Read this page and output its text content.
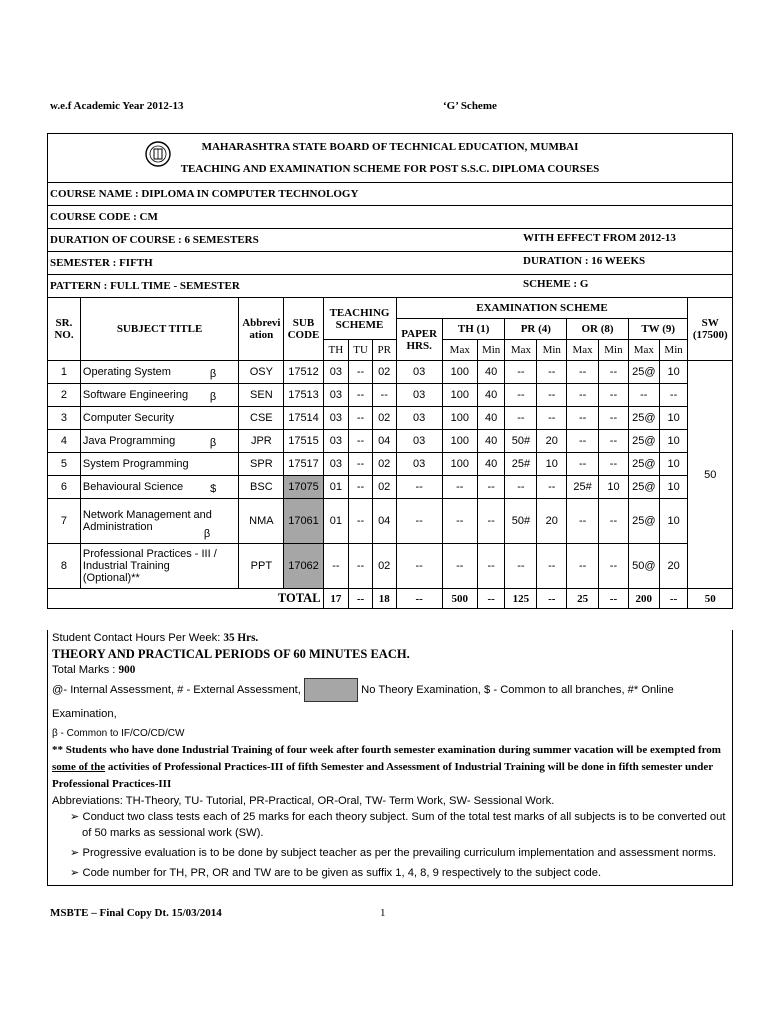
w.e.f Academic Year 2012-13	‘G’ Scheme
MAHARASHTRA STATE BOARD OF TECHNICAL EDUCATION, MUMBAI
TEACHING AND EXAMINATION SCHEME FOR POST S.S.C. DIPLOMA COURSES																

COURSE NAME : DIPLOMA IN COMPUTER TECHNOLOGY																
COURSE CODE : CM																
DURATION OF COURSE : 6 SEMESTERS WITH EFFECT FROM 2012-13																

SEMESTER : FIFTH DURATION : 16 WEEKS																

PATTERN : FULL TIME - SEMESTER SCHEME : G																

SR. NO.	SUBJECT TITLE	Abbrevi ation	SUB CODE	TEACHING SCHEME			EXAMINATION SCHEME									SW (17500)
							PAPER HRS.	TH (1)		PR (4)		OR (8)		TW (9)		
				TH	TU	PR		Max	Min	Max	Min	Max	Min	Max	Min	
1	Operating System β	OSY	17512	03	--	02	03	100	40	--	--	--	--	25@	10	50
2	Software Engineering β	SEN	17513	03	--	--	03	100	40	--	--	--	--	--	--	
3	Computer Security	CSE	17514	03	--	02	03	100	40	--	--	--	--	25@	10	
4	Java Programming β	JPR	17515	03	--	04	03	100	40	50#	20	--	--	25@	10	
5	System Programming	SPR	17517	03	--	02	03	100	40	25#	10	--	--	25@	10	
6	Behavioural Science $	BSC	17075	01	--	02	--	--	--	--	--	25#	10	25@	10	
7	Network Management and Administration
β	NMA	17061	01	--	04	--	--	--	50#	20	--	--	25@	10	
8	Professional Practices - III / Industrial Training (Optional)**	PPT	17062	--	--	02	--	--	--	--	--	--	--	50@	20	
TOTAL				17	--	18	--	500	--	125	--	25	--	200	--	50
Student Contact Hours Per Week: 35 Hrs.
THEORY AND PRACTICAL PERIODS OF 60 MINUTES EACH.
Total Marks : 900
@- Internal Assessment, # - External Assessment,	No Theory Examination, $ - Common to all branches, #* Online Examination,
β - Common to IF/CO/CD/CW
** Students who have done Industrial Training of four week after fourth semester examination during summer vacation will be exempted from some of the activities of Professional Practices-III of fifth Semester and Assessment of Industrial Training will be done in fifth semester under Professional Practices-III
Abbreviations: TH-Theory, TU- Tutorial, PR-Practical, OR-Oral, TW- Term Work, SW- Sessional Work.
➢ Conduct two class tests each of 25 marks for each theory subject. Sum of the total test marks of all subjects is to be converted out of 50 marks as sessional work (SW).
➢ Progressive evaluation is to be done by subject teacher as per the prevailing curriculum implementation and assessment norms.
➢ Code number for TH, PR, OR and TW are to be given as suffix 1, 4, 8, 9 respectively to the subject code.
MSBTE – Final Copy Dt. 15/03/2014	1
